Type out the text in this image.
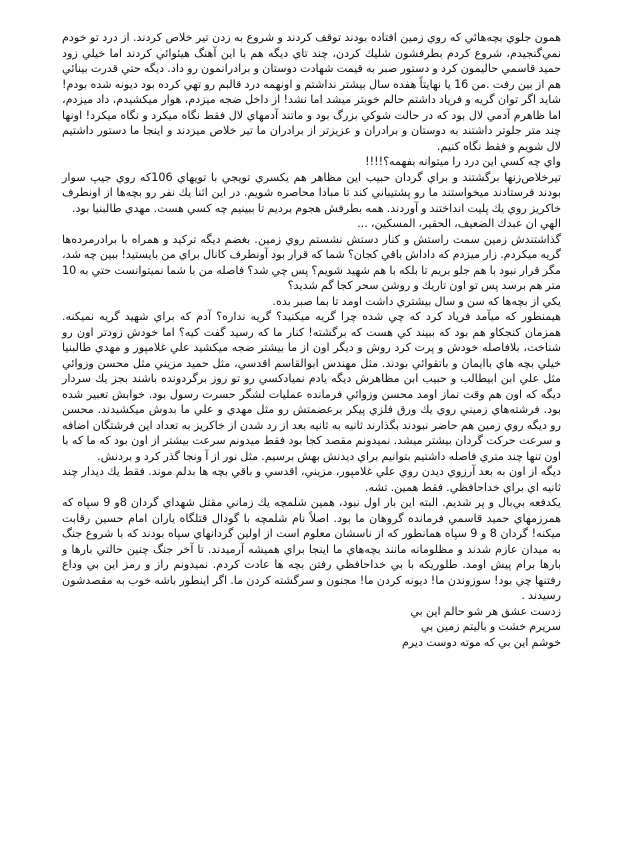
همون جلوي بچه‌هائي كه روي زمين افتاده بودند توقف كردند و شروع به زدن تير خلاص كردند. از درد تو خودم نمي‌گنجيدم، شروع كردم بطرفشون شليك كردن، چند تاي ديگه هم با اين آهنگ هيئوائي كردند اما خيلي زود حميد قاسمي حاليمون كرد و دستور صبر به قيمت شهادت دوستان و برادرانمون رو داد. ديگه حتي قدرت بينائي هم از بين رفت .من 16 يا نهايتاً هفده سال بيشتر نداشتم و اونهمه درد قالبم رو تهي كرده بود ديونه شده بودم! شايد اگر توان گريه و فرياد داشتم حالم خوبتر ميشد اما نشد! از داخل ضجه ميزدم، هوار ميكشيدم، داد ميزدم، اما ظاهرم آدمي لال بود كه در حالت شوكي بزرگ بود و ماتند آدمهاي لال فقط نگاه ميكرد و نگاه ميكرد! اونها چند متر جلوتر داشتند به دوستان و برادران و عزيزتر از برادران ما تير خلاص ميزدند و اينجا ما دستور داشتيم لال شويم و فقط نگاه كنيم.

واي چه كسي اين درد را ميتوانه بفهمه؟!!!!

تيرخلاص‌زنها برگشتند و براي گردان حبيب اين مظاهر هم يكسري تويجي با تويهاي 106كه روي جيپ سوار بودند فرستادند ميخواستند ما رو پشتيباني كند تا مبادا محاصره شويم. در اين اثنا يك نفر رو بچه‌ها از اونطرف خاكريز روي يك پليت انداختند و آوردند. همه بطرفش هجوم برديم تا ببينيم چه كسي هست. مهدي طالبنيا بود.

الهي ان عبدك الضعيف، الحقير، المسكين، ...

گذاشتندش زمين سمت راستش و كنار دستش نشستم روي زمين. بغضم ديگه تركيد و همراه با برادرمرده‌ها گريه ميكردم. زار ميزدم كه داداش باقي كجان؟ شما كه قرار بود آونطرف كانال براي من بايستيد! ببين چه شد، مگر قرار نبود با هم جلو بريم تا بلكه با هم شهيد شويم؟ پس چي شد؟ فاصله من با شما نميتوانست حتي به 10 متر هم برسد پس تو اون تاريك و روشن سحر كجا گم شديد؟

يكي از بچه‌ها كه سن و سال بيشتري داشت اومد تا بما صبر بده.

هيمنطور كه ميآمد فرياد كرد كه چي شده چرا گريه ميكنيد؟ گريه نداره؟ آدم كه براي شهيد گريه نميكنه. همزمان كنجكاو هم بود كه ببيند كي هست كه برگشته! كنار ما كه رسيد گفت كيه؟ اما خودش زودتر اون رو شناخت، بلافاصله خودش و پرت كرد روش و ديگر اون از ما بيشتر ضجه ميكشيد علي غلامپور و مهدي طالبنيا خيلي بچه هاي باايمان و باتقوائي بودند. مثل مهندس ابوالقاسم اقدسي، مثل حميد مزيني مثل محسن وزوائي مثل علي ابن ابيطالب و حبيب ابن مظاهرش ديگه يادم نميادكسي رو تو روز برگردونده باشند بجز يك سردار ديگه كه اون هم وقت نماز اومد محسن وزوائي فرمانده عمليات لشگر حسرت رسول بود. خوابش تعبير شده بود. فرشته‌هاي زميني روي يك ورق فلزي پيكر برعضمتش رو مثل مهدي و علي ما بدوش ميكشيدند. محسن رو ديگه روي زمين هم حاضر نبودند بگذارند ثانيه به ثانيه بعد از رد شدن از خاكريز به تعداد اين فرشتگان اضافه و سرعت حركت گردان بيشتر ميشد. نميدونم مقصد كجا بود فقط ميدونم سرعت بيشتر از اون بود كه ما كه با اون تنها چند متري فاصله داشتيم بتوانيم براي ديدنش بهش برسيم. مثل نور از آ ونجا گذر كرد و بردنش.

ديگه از اون به بعد آرزوي ديدن روي علي غلامپور، مزيني، اقدسي و باقي بچه ها بدلم موند. فقط يك ديدار چند ثانيه اي براي خداحافظي. فقط همين. تشه.

يكدفعه بي‌بال و پر شديم. البته اين بار اول نبود، همين شلمچه يك زماني مقتل شهداي گردان 8و 9 سپاه كه همرزمهاي حميد قاسمي فرمانده گروهان ما بود. اصلاً نام شلمچه با گودال قتلگاه ياران امام حسين رقابت ميكنه! گردان 8 و 9 سپاه همانطور كه از ناسشان معلوم است از اولين گردانهاي سپاه بودند كه با شروع جنگ به ميدان عازم شدند و مظلومانه مانند بچه‌هاي ما اينجا براي هميشه آرميدند. تا آخر جنگ چنين حالتي بارها و بارها برام پيش اومد. طلوريكه با بي خداحافظي رفتن بچه ها عادت كردم. نميدونم راز و رمز اين بي وداع رفتنها چي بود! سوزوندن ما! ديونه كردن ما! مجنون و سرگشته كردن ما. اگر اينطور باشه خوب به مقصدشون رسيدند .

زدست عشق هر شو حالم اين بي

سريرم خشت و باليتم زمين بي

خوشم اين بي كه موته دوست ديرم
